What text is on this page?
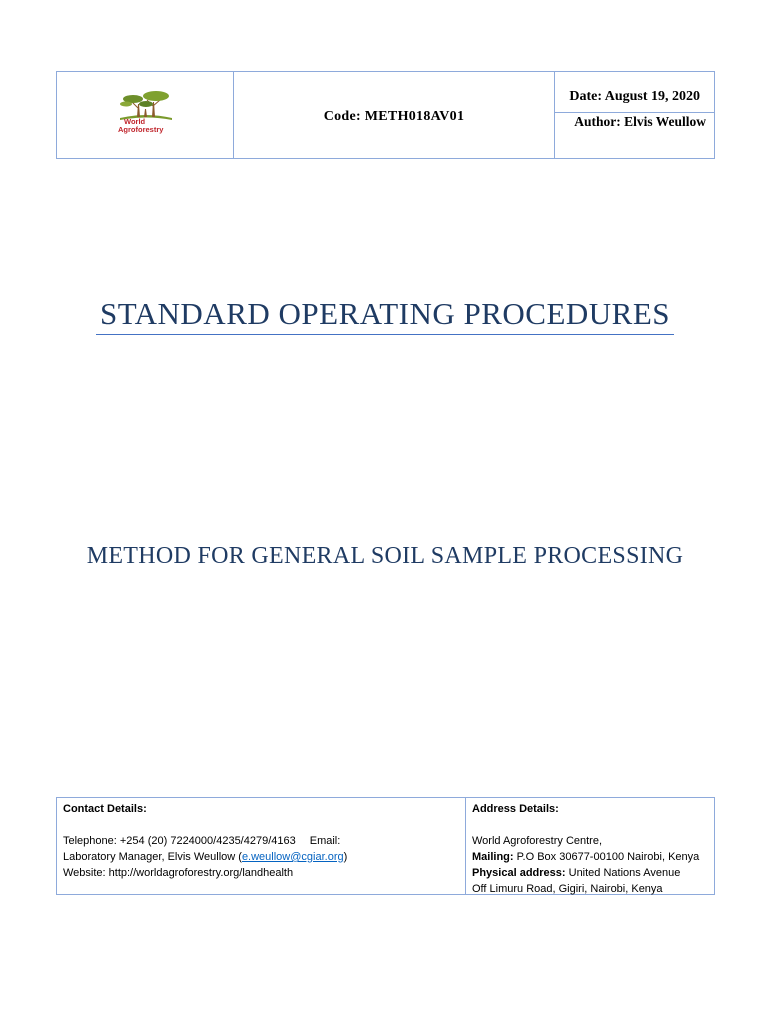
World
Agroforestry
Code: METH018AV01
Date: August 19, 2020
Author: Elvis Weullow
STANDARD OPERATING PROCEDURES
METHOD FOR GENERAL SOIL SAMPLE PROCESSING
Contact Details:
Telephone: +254 (20) 7224000/4235/4279/4163 Email:
Laboratory Manager, Elvis Weullow (e.weullow@cgiar.org)
Website: http://worldagroforestry.org/landhealth
Address Details:
World Agroforestry Centre,
Mailing: P.O Box 30677-00100 Nairobi, Kenya
Physical address: United Nations Avenue
Off Limuru Road, Gigiri, Nairobi, Kenya
